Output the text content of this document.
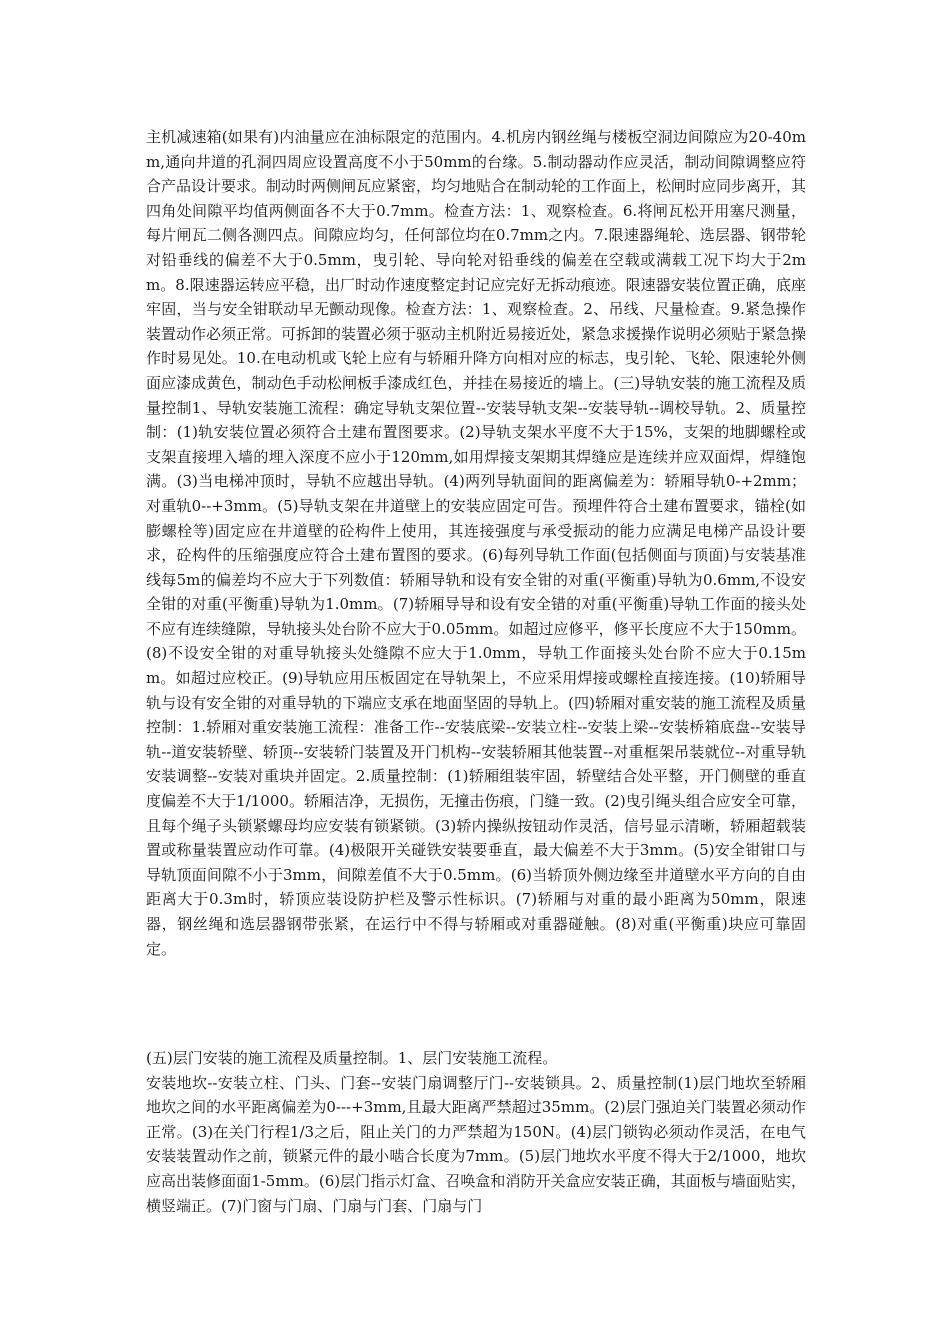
主机减速箱(如果有)内油量应在油标限定的范围内。4.机房内钢丝绳与楼板空洞边间隙应为20-40mm,通向井道的孔洞四周应设置高度不小于50mm的台缘。5.制动器动作应灵活，制动间隙调整应符合产品设计要求。制动时两侧闸瓦应紧密，均匀地贴合在制动轮的工作面上，松闸时应同步离开，其四角处间隙平均值两侧面各不大于0.7mm。检查方法：1、观察检查。6.将闸瓦松开用塞尺测量，每片闸瓦二侧各测四点。间隙应均匀，任何部位均在0.7mm之内。7.限速器绳轮、选层器、钢带轮对铅垂线的偏差不大于0.5mm，曳引轮、导向轮对铅垂线的偏差在空载或满载工况下均大于2mm。8.限速器运转应平稳，出厂时动作速度整定封记应完好无拆动痕迹。限速器安装位置正确，底座牢固，当与安全钳联动早无颤动现像。检查方法：1、观察检查。2、吊线、尺量检查。9.紧急操作装置动作必须正常。可拆卸的装置必须于驱动主机附近易接近处，紧急求援操作说明必须贴于紧急操作时易见处。10.在电动机或飞轮上应有与轿厢升降方向相对应的标志，曳引轮、飞轮、限速轮外侧面应漆成黄色，制动色手动松闸板手漆成红色，并挂在易接近的墙上。(三)导轨安装的施工流程及质量控制1、导轨安装施工流程：确定导轨支架位置--安装导轨支架--安装导轨--调校导轨。2、质量控制：(1)轨安装位置必须符合土建布置图要求。(2)导轨支架水平度不大于15%，支架的地脚螺栓或支架直接埋入墙的埋入深度不应小于120mm,如用焊接支架期其焊缝应是连续并应双面焊，焊缝饱满。(3)当电梯冲顶时，导轨不应越出导轨。(4)两列导轨面间的距离偏差为：轿厢导轨0-+2mm；对重轨0--+3mm。(5)导轨支架在井道壁上的安装应固定可告。预埋件符合土建布置要求，锚栓(如膨螺栓等)固定应在井道壁的砼构件上使用，其连接强度与承受振动的能力应满足电梯产品设计要求，砼构件的压缩强度应符合土建布置图的要求。(6)每列导轨工作面(包括侧面与顶面)与安装基准线每5m的偏差均不应大于下列数值：轿厢导轨和设有安全钳的对重(平衡重)导轨为0.6mm,不设安全钳的对重(平衡重)导轨为1.0mm。(7)轿厢导导和设有安全错的对重(平衡重)导轨工作面的接头处不应有连续缝隙，导轨接头处台阶不应大于0.05mm。如超过应修平，修平长度应不大于150mm。(8)不设安全钳的对重导轨接头处缝隙不应大于1.0mm，导轨工作面接头处台阶不应大于0.15mm。如超过应校正。(9)导轨应用压板固定在导轨架上，不应采用焊接或螺栓直接连接。(10)轿厢导轨与设有安全钳的对重导轨的下端应支承在地面坚固的导轨上。(四)轿厢对重安装的施工流程及质量控制：1.轿厢对重安装施工流程：准备工作--安装底梁--安装立柱--安装上梁--安装桥箱底盘--安装导轨--道安装轿壁、轿顶--安装轿门装置及开门机构--安装轿厢其他装置--对重框架吊装就位--对重导轨安装调整--安装对重块并固定。2.质量控制：(1)轿厢组装牢固，轿壁结合处平整，开门侧壁的垂直度偏差不大于1/1000。轿厢洁净，无损伤，无撞击伤痕，门缝一致。(2)曳引绳头组合应安全可靠，且每个绳子头锁紧螺母均应安装有锁紧锁。(3)轿内操纵按钮动作灵活，信号显示清晰，轿厢超载装置或称量装置应动作可靠。(4)极限开关碰铁安装要垂直，最大偏差不大于3mm。(5)安全钳钳口与导轨顶面间隙不小于3mm，间隙差值不大于0.5mm。(6)当轿顶外侧边缘至井道壁水平方向的自由距离大于0.3m时，轿顶应装设防护栏及警示性标识。(7)轿厢与对重的最小距离为50mm，限速器，钢丝绳和选层器钢带张紧，在运行中不得与轿厢或对重器碰触。(8)对重(平衡重)块应可靠固定。
(五)层门安装的施工流程及质量控制。1、层门安装施工流程。
安装地坎--安装立柱、门头、门套--安装门扇调整厅门--安装锁具。2、质量控制(1)层门地坎至轿厢地坎之间的水平距离偏差为0---+3mm,且最大距离严禁超过35mm。(2)层门强迫关门装置必须动作正常。(3)在关门行程1/3之后，阻止关门的力严禁超为150N。(4)层门锁钩必须动作灵活，在电气安装装置动作之前，锁紧元件的最小啮合长度为7mm。(5)层门地坎水平度不得大于2/1000，地坎应高出装修面面1-5mm。(6)层门指示灯盒、召唤盒和消防开关盒应安装正确，其面板与墙面贴实，横竖端正。(7)门窗与门扇、门扇与门套、门扇与门
